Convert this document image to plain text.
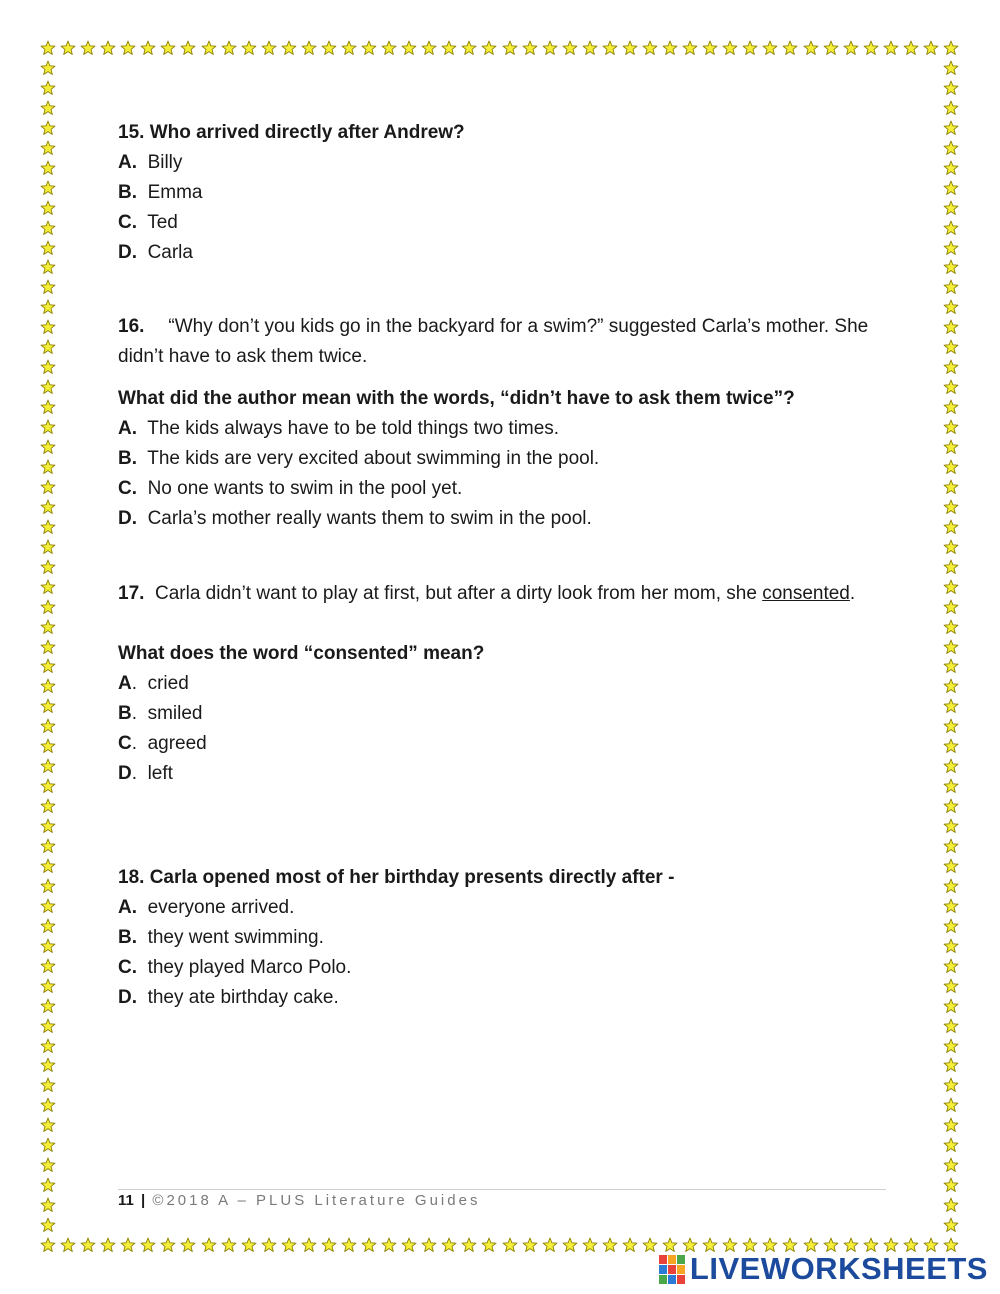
15. Who arrived directly after Andrew?
A. Billy
B. Emma
C. Ted
D. Carla
16. “Why don’t you kids go in the backyard for a swim?” suggested Carla’s mother. She didn’t have to ask them twice.
What did the author mean with the words, “didn’t have to ask them twice”?
A. The kids always have to be told things two times.
B. The kids are very excited about swimming in the pool.
C. No one wants to swim in the pool yet.
D. Carla’s mother really wants them to swim in the pool.
17. Carla didn’t want to play at first, but after a dirty look from her mom, she consented.
What does the word “consented” mean?
A.  cried
B.  smiled
C.  agreed
D.  left
18. Carla opened most of her birthday presents directly after -
A. everyone arrived.
B. they went swimming.
C. they played Marco Polo.
D. they ate birthday cake.
11 | ©2018 A – PLUS Literature Guides
LIVEWORKSHEETS
